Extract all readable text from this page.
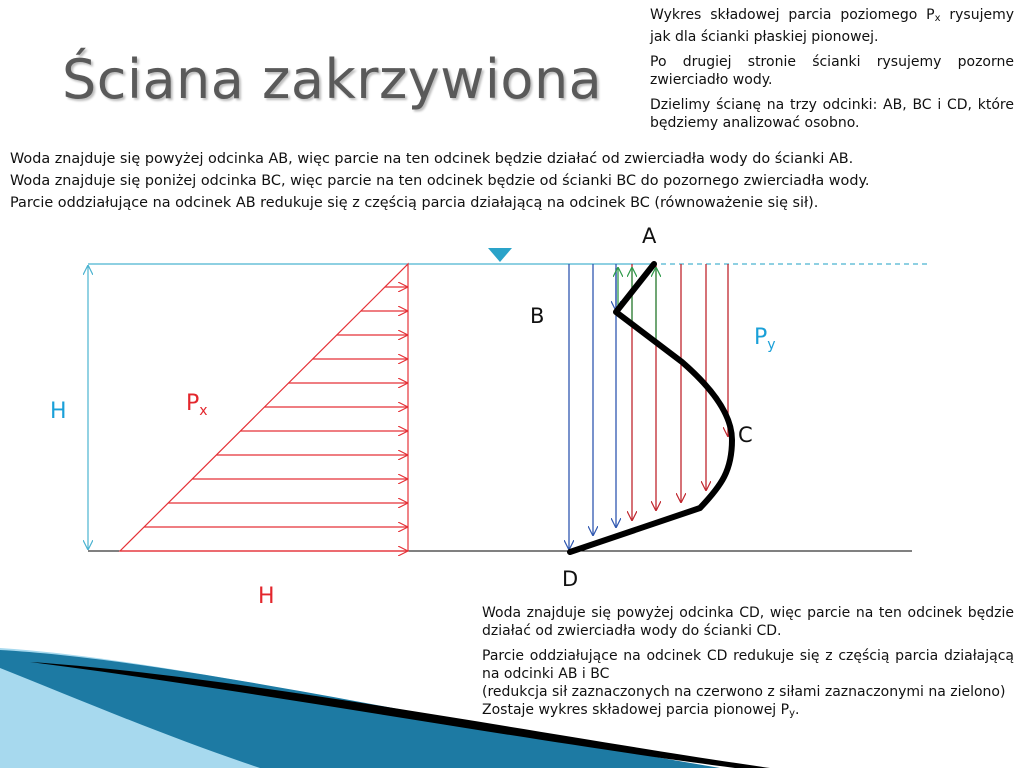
Ściana zakrzywiona

Wykres składowej parcia poziomego $P_x$ rysujemy jak dla ścianki płaskiej pionowej.

Po drugiej stronie ścianki rysujemy pozorne zwierciadło wody.

Dzielimy ścianę na trzy odcinki: AB, BC i CD, które będziemy analizować osobno.

Woda znajduje się powyżej odcinka AB, więc parcie na ten odcinek będzie działać od zwierciadła wody do ścianki AB.

Woda znajduje się poniżej odcinka BC, więc parcie na ten odcinek będzie od ścianki BC do pozornego zwierciadła wody.

Parcie oddziałujące na odcinek AB redukuje się z częścią parcia działającą na odcinek BC (równoważenie się sił).

Woda znajduje się powyżej odcinka CD, więc parcie na ten odcinek będzie działać od zwierciadła wody do ścianki CD.

Parcie oddziałujące na odcinek CD redukuje się z częścią parcia działającą na odcinki AB i BC

(redukcja sił zaznaczonych na czerwono z siłami zaznaczonymi na zielono)

Zostaje wykres składowej parcia pionowej $P_y$.

A
B
C
D
H
H
$P_x$
$P_y$
